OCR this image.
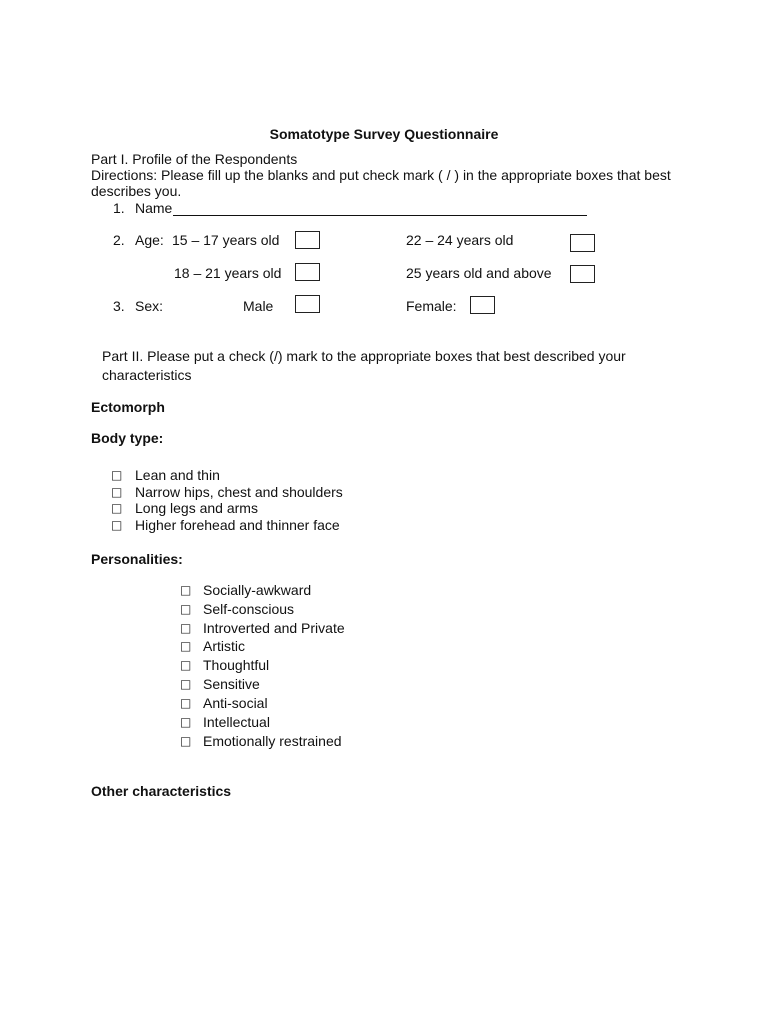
Somatotype Survey Questionnaire
Part I. Profile of the Respondents
Directions: Please fill up the blanks and put check mark ( / ) in the appropriate boxes that best
describes you.
1. Name
2. Age: 15 – 17 years old	22 – 24 years old
18 – 21 years old	25 years old and above
3. Sex:	Male	Female:
Part II. Please put a check (/) mark to the appropriate boxes that best described your
characteristics
Ectomorph
Body type:
□ Lean and thin
□ Narrow hips, chest and shoulders
□ Long legs and arms
□ Higher forehead and thinner face
Personalities:
□ Socially-awkward
□ Self-conscious
□ Introverted and Private
□ Artistic
□ Thoughtful
□ Sensitive
□ Anti-social
□ Intellectual
□ Emotionally restrained
Other characteristics
